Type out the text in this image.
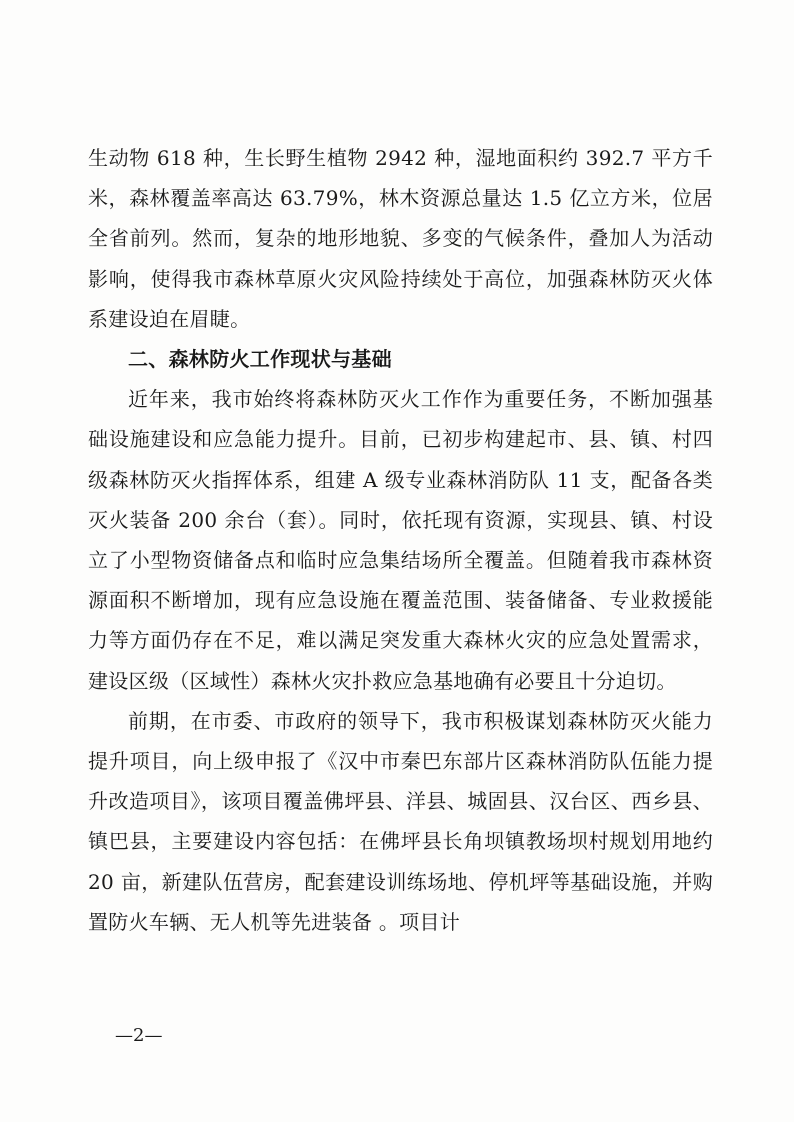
生动物 618 种，生长野生植物 2942 种，湿地面积约 392.7 平方千米，森林覆盖率高达 63.79%，林木资源总量达 1.5 亿立方米，位居全省前列。然而，复杂的地形地貌、多变的气候条件，叠加人为活动影响，使得我市森林草原火灾风险持续处于高位，加强森林防灭火体系建设迫在眉睫。

二、森林防火工作现状与基础

近年来，我市始终将森林防灭火工作作为重要任务，不断加强基础设施建设和应急能力提升。目前，已初步构建起市、县、镇、村四级森林防灭火指挥体系，组建 A 级专业森林消防队 11 支，配备各类灭火装备 200 余台（套）。同时，依托现有资源，实现县、镇、村设立了小型物资储备点和临时应急集结场所全覆盖。但随着我市森林资源面积不断增加，现有应急设施在覆盖范围、装备储备、专业救援能力等方面仍存在不足，难以满足突发重大森林火灾的应急处置需求，建设区级（区域性）森林火灾扑救应急基地确有必要且十分迫切。

前期，在市委、市政府的领导下，我市积极谋划森林防灭火能力提升项目，向上级申报了《汉中市秦巴东部片区森林消防队伍能力提升改造项目》，该项目覆盖佛坪县、洋县、城固县、汉台区、西乡县、镇巴县，主要建设内容包括：在佛坪县长角坝镇教场坝村规划用地约 20 亩，新建队伍营房，配套建设训练场地、停机坪等基础设施，并购置防火车辆、无人机等先进装备 。项目计

—2—
